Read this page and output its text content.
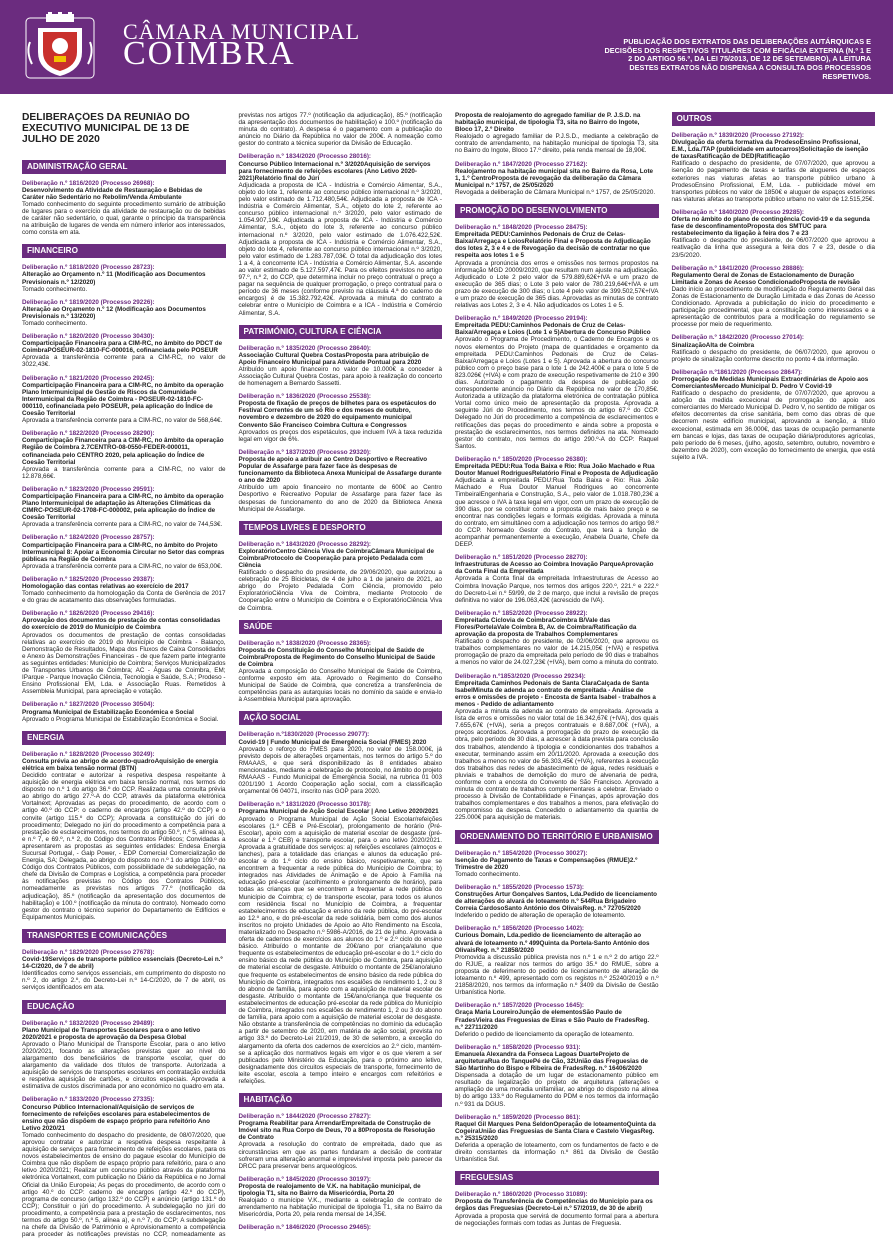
CÂMARA MUNICIPAL
COIMBRA	PUBLICAÇÃO DOS EXTRATOS DAS DELIBERAÇÕES AUTÁRQUICAS E DECISÕES DOS RESPETIVOS TITULARES COM EFICÁCIA EXTERNA (N.º 1 E 2 DO ARTIGO 56.º, DA LEI 75/2013, DE 12 DE SETEMBRO), A LEITURA DESTES EXTRATOS NÃO DISPENSA A CONSULTA DOS PROCESSOS RESPETIVOS.
DELIBERAÇÕES DA REUNIÃO DO EXECUTIVO MUNICIPAL DE 13 DE JULHO DE 2020
ADMINISTRAÇÃO GERAL
Deliberação n.º 1816/2020 (Processo 26968):
Desenvolvimento da Atividade de Restauração e Bebidas de Caráter não Sedentário no Rebolim/Venda Ambulante
Tomado conhecimento do seguinte procedimento sumário de atribuição de lugares para o exercício da atividade de restauração ou de bebidas de caráter não sedentário, o qual, garante o princípio da transparência na atribuição de lugares de venda em número inferior aos interessados, como consta em ata.
FINANCEIRO
Deliberação n.º 1818/2020 (Processo 28723):
Alteração ao Orçamento n.º 11 (Modificação aos Documentos Previsionais n.º 12/2020)
Tomado conhecimento.
Deliberação n.º 1819/2020 (Processo 29226):
Alteração ao Orçamento n.º 12 (Modificação aos Documentos Previsionais n.º 13/2020)
Tomado conhecimento.
Deliberação n.º 1820/2020 (Processo 30430):
Comparticipação Financeira para a CIM-RC, no âmbito do PDCT de CoimbraPOSEUR-02-1810-FC-000016, cofinanciada pelo POSEUR
Aprovada a transferência corrente para a CIM-RC, no valor de 3022,43€.
Deliberação n.º 1821/2020 (Processo 29245):
Comparticipação Financeira para a CIM-RC, no âmbito da operação Plano Intermunicipal de Gestão de Riscos da Comunidade Intermunicipal da Região de Coimbra - POSEUR-02-1810-FC-000110, cofinanciada pelo POSEUR, pela aplicação do Índice de Coesão Territorial
Aprovada a transferência corrente para a CIM-RC, no valor de 568,64€.
Deliberação n.º 1822/2020 (Processo 28290):
Comparticipação Financeira para a CIM-RC, no âmbito da operação Região de Coimbra 2.7CENTRO-08-0550-FEDER-000011, cofinanciada pelo CENTRO 2020, pela aplicação do Índice de Coesão Territorial
Aprovada a transferência corrente para a CIM-RC, no valor de 12.878,66€.
Deliberação n.º 1823/2020 (Processo 29591):
Comparticipação Financeira para a CIM-RC, no âmbito da operação Plano Intermunicipal de adaptação às Alterações Climáticas da CIMRC-POSEUR-02-1708-FC-000002, pela aplicação do Índice de Coesão Territorial
Aprovada a transferência corrente para a CIM-RC, no valor de 744,53€.
Deliberação n.º 1824/2020 (Processo 28757):
Comparticipação Financeira para a CIM-RC, no âmbito do Projeto Intermunicipal 8: Apoiar a Economia Circular no Setor das compras públicas na Região de Coimbra
Aprovada a transferência corrente para a CIM-RC, no valor de 653,00€.
Deliberação n.º 1825/2020 (Processo 29387):
Homologação das contas relativas ao exercício de 2017
Tomado conhecimento da homologação da Conta de Gerência de 2017 e do grau de acatamento das observações formuladas.
Deliberação n.º 1826/2020 (Processo 29416):
Aprovação dos documentos de prestação de contas consolidadas do exercício de 2019 do Município de Coimbra
Aprovados os documentos de prestação de contas consolidadas relativas ao exercício de 2019 do Município de Coimbra - Balanço, Demonstração de Resultados, Mapa dos Fluxos de Caixa Consolidados e Anexo às Demonstrações Financeiras - de que fazem parte integrante as seguintes entidades: Município de Coimbra; Serviços Municipalizados de Transportes Urbanos de Coimbra; AC - Águas de Coimbra, EM; IParque - Parque Inovação Ciência, Tecnologia e Saúde, S.A.; Prodeso - Ensino Profissional EM, Lda. e Associação Ruas. Remetidos à Assembleia Municipal, para apreciação e votação.
Deliberação n.º 1827/2020 (Processo 30504):
Programa Municipal de Estabilização Económica e Social
Aprovado o Programa Municipal de Estabilização Económica e Social.
ENERGIA
Deliberação n.º 1828/2020 (Processo 30249):
Consulta prévia ao abrigo de acordo-quadroAquisição de energia elétrica em baixa tensão normal (BTN)
Decidido contratar e autorizar a respetiva despesa respeitante à aquisição de energia elétrica em baixa tensão normal, nos termos do disposto no n.º 1 do artigo 36.º do CCP. Realizada uma consulta prévia ao abrigo do artigo 27.º-A do CCP, através da plataforma eletrónica Vortalnext; Aprovadas as peças do procedimento, de acordo com o artigo 40.º do CCP: o caderno de encargos (artigo 42.º do CCP) e o convite (artigo 115.º do CCP); Aprovada a constituição do júri do procedimento; Delegado no júri do procedimento a competência para a prestação de esclarecimentos, nos termos do artigo 50.º, n.º 5, alínea a), e n.º 7, e 69.º, n.º 2, do Código dos Contratos Públicos; Convidadas a apresentarem as propostas as seguintes entidades: Endesa Energia Sucursal Portugal, - Galp Power, - EDP Comercial Comercialização de Energia, SA; Delegada, ao abrigo do disposto no n.º 1 do artigo 109.º do Código dos Contratos Públicos, com possibilidade de subdelegação, na chefe da Divisão de Compras e Logística, a competência para proceder às notificações previstas no Código dos Contratos Públicos, nomeadamente as previstas nos artigos 77.º (notificação da adjudicação), 85.º (notificação da apresentação dos documentos de habilitação) e 100.º (notificação da minuta do contrato). Nomeado como gestor do contrato o técnico superior do Departamento de Edifícios e Equipamentos Municipais.
TRANSPORTES E COMUNICAÇÕES
Deliberação n.º 1829/2020 (Processo 27678):
Covid-19Serviços de transporte público essenciais (Decreto-Lei n.º 14-C/2020, de 7 de abril)
Identificados como serviços essenciais, em cumprimento do disposto no n.º 2, do artigo 2.º, do Decreto-Lei n.º 14-C/2020, de 7 de abril, os serviços identificados em ata.
EDUCAÇÃO
Deliberação n.º 1832/2020 (Processo 29489):
Plano Municipal de Transportes Escolares para o ano letivo 2020/2021 e proposta de aprovação da Despesa Global
Aprovado o Plano Municipal de Transporte Escolar, para o ano letivo 2020/2021, focando as alterações previstas quer ao nível do alargamento dos beneficiários de transporte escolar, quer do alargamento da validade dos títulos de transporte. Autorizada a aquisição de serviços de transportes escolares em contratação excluída e respetiva aquisição de cartões, e circuitos especiais. Aprovada a estimativa de custos discriminada por ano económico no quadro em ata.
Deliberação n.º 1833/2020 (Processo 27335):
Concurso Público Internacional/Aquisição de serviços de fornecimento de refeições escolares para estabelecimentos de ensino que não dispõem de espaço próprio para refeitório Ano Letivo 2020/21
Tomado conhecimento do despacho do presidente, de 08/07/2020, que aprovou contratar e autorizar a respetiva despesa respeitante à aquisição de serviços para fornecimento de refeições escolares, para os novos estabelecimentos de ensino do pagaue escolar do Município de Coimbra que não dispõem de espaço próprio para refeitório, para o ano letivo 2020/2021; Realizar um concurso público através da plataforma eletrónica Vortalnext, com publicação no Diário da República e no Jornal Oficial da União Europeia; As peças do procedimento, de acordo com o artigo 40.º do CCP: caderno de encargos (artigo 42.º do CCP), programa de concurso (artigo 132.º do CCP) e anúncio (artigo 131.º do CCP); Constituir o júri do procedimento. A subdelegação no júri do procedimento, a competência para a prestação de esclarecimentos, nos termos do artigo 50.º, n.º 5, alínea a), e n.º 7, do CCP; A subdelegação na chefe da Divisão de Património e Aprovisionamento a competência para proceder às notificações previstas no CCP, nomeadamente as previstas nos artigos 77.º (notificação da adjudicação), 85.º (notificação da apresentação dos documentos de habilitação) e 100.º (notificação da minuta do contrato). A despesa é o pagamento com a publicação do anúncio no Diário da República no valor de 200€. A nomeação como gestor do contrato a técnica superior da Divisão de Educação.
Deliberação n.º 1834/2020 (Processo 28016):
Concurso Público Internacional n.º 3/2020Aquisição de serviços para fornecimento de refeições escolares (Ano Letivo 2020-2021)Relatório final do Júri
Adjudicada a proposta de ICA - Indústria e Comércio Alimentar, S.A., objeto do lote 1, referente ao concurso público internacional n.º 3/2020, pelo valor estimado de 1.712.480,54€. Adjudicada a proposta de ICA - Indústria e Comércio Alimentar, S.A., objeto do lote 2, referente ao concurso público internacional n.º 3/2020, pelo valor estimado de 1.054.907,19€. Adjudicada a proposta de ICA - Indústria e Comércio Alimentar, S.A., objeto do lote 3, referente ao concurso público internacional n.º 3/2020, pelo valor estimado de 1.076.422,52€. Adjudicada a proposta de ICA - Indústria e Comércio Alimentar, S.A., objeto do lote 4, referente ao concurso público internacional n.º 3/2020, pelo valor estimado de 1.283.787,03€. O total da adjudicação dos lotes 1 a 4, à concorrente ICA - Indústria e Comércio Alimentar, S.A. ascende ao valor estimado de 5.127.597,47€. Para os efeitos previstos no artigo 97.º, n.º 2, do CCP, que determina incluir no preço contratual o preço a pagar na sequência de qualquer prorrogação, o preço contratual para o período de 36 meses (conforme previsto na cláusula 4.ª do caderno de encargos) é de 15.382.792,42€. Aprovada a minuta do contrato a celebrar entre o Município de Coimbra e a ICA - Indústria e Comércio Alimentar, S.A.
PATRIMÓNIO, CULTURA E CIÊNCIA
Deliberação n.º 1835/2020 (Processo 28640):
Associação Cultural Quebra CostasProposta para atribuição de Apoio Financeiro Municipal para Atividade Pontual para 2020
Atribuído um apoio financeiro no valor de 10.000€ a conceder à Associação Cultural Quebra Costas, para apoio à realização do concerto de homenagem a Bernardo Sassetti.
Deliberação n.º 1836/2020 (Processo 25538):
Proposta de fixação de preços de bilhetes para os espetáculos do Festival Correntes de um só Rio e dos meses de outubro, novembro e dezembro de 2020 do equipamento municipal Convento São Francisco Coimbra Cultura e Congressos
Aprovados os preços dos espetáculos, que incluem IVA à taxa reduzida legal em vigor de 6%.
Deliberação n.º 1837/2020 (Processo 29320):
Proposta de apoio a atribuir ao Centro Desportivo e Recreativo Popular de Assafarge para fazer face às despesas de funcionamento da Biblioteca Anexa Municipal de Assafarge durante o ano de 2020
Atribuído um apoio financeiro no montante de 600€ ao Centro Desportivo e Recreativo Popular de Assafarge para fazer face às despesas de funcionamento do ano de 2020 da Biblioteca Anexa Municipal de Assafarge.
TEMPOS LIVRES E DESPORTO
Deliberação n.º 1843/2020 (Processo 28292):
ExploratórioCentro Ciência Viva de CoimbraCâmara Municipal de CoimbraProtocolo de Cooperação para projeto Pedalada com Ciência
Ratificado o despacho do presidente, de 29/06/2020, que autorizou a celebração de 25 Bicicletas, de 4 de julho a 1 de janeiro de 2021, ao abrigo do Projeto Pedalada Com Ciência, promovido pelo ExploratórioCiência Viva de Coimbra, mediante Protocolo de Cooperação entre o Município de Coimbra e o ExploratórioCiência Viva de Coimbra.
SAÚDE
Deliberação n.º 1838/2020 (Processo 28365):
Proposta de Constituição do Conselho Municipal de Saúde de CoimbraProposta de Regimento do Conselho Municipal de Saúde de Coimbra
Aprovada a composição do Conselho Municipal de Saúde de Coimbra, conforme exposto em ata. Aprovado o Regimento do Conselho Municipal de Saúde de Coimbra, que concretiza a transferência de competências para as autarquias locais no domínio da saúde e envia-lo à Assembleia Municipal para aprovação.
AÇÃO SOCIAL
Deliberação n.º1830/2020 (Processo 29077):
Covid-19 | Fundo Municipal de Emergência Social (FMES) 2020
Aprovado o reforço do FMES para 2020, no valor de 158.000€, já previsto depois de alterações orçamentais, nos termos do artigo 5.º do RMAAAS, e que será disponibilizado às 8 entidades abaixo mencionadas, mediante a celebração de protocolo, no âmbito do projeto RMAAAS - Fundo Municipal de Emergência Social, na rubrica 01 003 0201/190 1 Acordo Cooperação ação social, com a classificação orçamental 06 04071, inscrito nas GOP para 2020.
Deliberação n.º 1831/2020 (Processo 30178):
Programa Municipal de Ação Social Escolar | Ano Letivo 2020/2021
Aprovado o Programa Municipal de Ação Social Escolar/refeições escolares (1.º CEB e Pré-Escolar), prolongamento de horário (Pré-Escolar), apoio com a aquisição de material escolar de desgaste (pré-escolar e 1.º CEB) e transporte escolar, para o ano letivo 2020/2021. Aprovada a gratuitidade dos serviços: a) refeições escolares (almoços e lanches), para a totalidade das crianças e alunos da educação pré-escolar e do 1.º ciclo do ensino básico, respetivamente, que se encontrem a frequentar a rede pública do Município de Coimbra; b) integrados nas Atividades de Animação e de Apoio à Família na educação pré-escolar (acolhimento e prolongamento de horário), para todas as crianças que se encontrem a frequentar a rede pública do Município de Coimbra; c) de transporte escolar, para todos os alunos com residência fiscal no Município de Coimbra, a frequentar estabelecimentos de educação e ensino da rede pública, do pré-escolar ao 12.º ano, e do pré-escolar da rede solidária, bem como dos alunos inscritos no projeto Unidades de Apoio ao Alto Rendimento na Escola, materializado no Despacho n.º 5986-A/2016, de 21 de julho. Aprovada a oferta de cadernos de exercícios aos alunos do 1.º e 2.º ciclo do ensino básico. Atribuído o montante de 20€/ano por criança/aluno que frequente os estabelecimentos de educação pré-escolar e do 1.º ciclo do ensino básico da rede pública do Município de Coimbra, para aquisição de material escolar de desgaste. Atribuído o montante de 25€/ano/aluno que frequente os estabelecimentos de ensino básico da rede pública do Município de Coimbra, integrados nos escalões de rendimento 1, 2 ou 3 do abono de família, para apoio com a aquisição de material escolar de desgaste. Atribuído o montante de 15€/ano/criança que frequente os estabelecimentos de educação pré-escolar da rede pública do Município de Coimbra, integrados nos escalões de rendimento 1, 2 ou 3 do abono de família, para apoio com a aquisição de material escolar de desgaste. Não obstante a transferência de competências no domínio da educação a partir de setembro de 2020, em matéria de ação social, prevista no artigo 33.º do Decreto-Lei 21/2019, de 30 de setembro, a exceção do alargamento da oferta dos cadernos de exercícios ao 2.º ciclo, mantém-se a aplicação dos normativos legais em vigor e os que vierem a ser publicados pelo Ministério da Educação, para o próximo ano letivo, designadamente dos circuitos especiais de transporte, fornecimento de leite escolar, escola a tempo inteiro e encargos com refeitórios e refeições.
HABITAÇÃO
Deliberação n.º 1844/2020 (Processo 27827):
Programa Reabilitar para ArrendarEmpreitada de Construção de Imóvel sito na Rua Corpo de Deus, 70 a 80Proposta de Resolução de Contrato
Aprovada a resolução do contrato de empreitada, dado que as circunstâncias em que as partes fundaram a decisão de contratar sofreram uma alteração anormal e imprevisível imposta pelo parecer da DRCC para preservar bens arqueológicos.
Deliberação n.º 1845/2020 (Processo 30197):
Proposta de realojamento de V.K. na habitação municipal, de tipologia T1, sita no Bairro da Misericórdia, Porta 20
Realojado o munícipe V.K., mediante a celebração de contrato de arrendamento na habitação municipal de tipologia T1, sita no Bairro da Misericórdia, Porta 20, pela renda mensal de 14,35€.
Deliberação n.º 1846/2020 (Processo 29465):
Proposta de realojamento do agregado familiar de P. J.S.D. na habitação municipal, de tipologia T3, sita no Bairro do Ingote, Bloco 17, 2.º Direito
Realojado o agregado familiar de P.J.S.D., mediante a celebração de contrato de arrendamento, na habitação municipal de tipologia T3, sita no Bairro do Ingote, Bloco 17.º direito, pela renda mensal de 18,90€.
Deliberação n.º 1847/2020 (Processo 27162):
Realojamento na habitação municipal sita no Bairro da Rosa, Lote 1, 1.º CentroProposta de revogação da deliberação da Câmara Municipal n.º 1757, de 25/05/2020
Revogada a deliberação de Câmara Municipal n.º 1757, de 25/05/2020.
PROMOÇÃO DO DESENVOLVIMENTO
Deliberação n.º 1848/2020 (Processo 28475):
Empreitada PEDU:Caminhos Pedonais de Cruz de Celas-Baixa/Arregaça e LoiosRelatório Final e Proposta de Adjudicação dos lotes 2, 3 e 4 e de Revogação da decisão de contratar no que respeita aos lotes 1 e 5
Aprovada a pronúncia dos erros e omissões nos termos propostos na informação MGD 20009/2020, que resultam num ajuste na adjudicação. Adjudicado o Lote 2 pelo valor de 579.889,62€+IVA e um prazo de execução de 365 dias; o Lote 3 pelo valor de 780.219,64€+IVA e um prazo de execução de 300 dias; o Lote 4 pelo valor de 399.502,57€+IVA e um prazo de execução de 365 dias. Aprovadas as minutas de contrato relativas aos Lotes 2, 3 e 4. Não adjudicados os Lotes 1 e 5.
Deliberação n.º 1849/2020 (Processo 29194):
Empreitada PEDU:Caminhos Pedonais de Cruz de Celas-Baixa/Arregaça e Loios (Lote 1 e 5)Abertura de Concurso Público
Aprovado o Programa de Procedimento, o Caderno de Encargos e os novos elementos do Projeto (mapa de quantidades e orçamento da empreitada PEDU:Caminhos Pedonais de Cruz de Celas-Baixa/Arregaça e Loios (Lotes 1 e 5). Aprovada a abertura do concurso público com o preço base para o lote 1 de 242.400€ e para o lote 5 de 823.026€ (+IVA) e com prazo de execução respetivamente de 210 e 390 dias. Autorizado o pagamento da despesa de publicação do correspondente anúncio no Diário da República no valor de 170,85€. Autorizada a utilização da plataforma eletrónica de contratação pública Vortal como único meio de apresentação da proposta. Aprovada a seguinte Júri do Procedimento, nos termos do artigo 67.º do CCP. Delegado no Júri do procedimento a competência de esclarecimentos e retificações das peças do procedimento e ainda sobre a proposta e prestação de esclarecimentos, nos termos definidos na ata. Nomeado gestor do contrato, nos termos do artigo 290.º-A do CCP: Raquel Santos.
Deliberação n.º 1850/2020 (Processo 26380):
Empreitada PEDU:Rua Toda Baixa e Rio: Rua João Machado e Rua Doutor Manuel RodriguesRelatório Final e Proposta de Adjudicação
Adjudicada a empreitada PEDU:Rua Toda Baixa e Rio: Rua João Machado e Rua Doutor Manuel Rodrigues ao concorrente TimbeiralEngenharia e Construção, S.A., pelo valor de 1.018.780,23€ a que acresce o IVA à taxa legal em vigor, com um prazo de execução de 390 dias, por se constituir como a proposta de mais baixo preço e se encontrar nas condições legais e formais exigidas. Aprovada a minuta do contrato, em simultâneo com a adjudicação nos termos do artigo 98.º do CCP. Nomeado Gestor do Contrato, que terá a função de acompanhar permanentemente a execução, Anabela Duarte, Chefe da DEEP.
Deliberação n.º 1851/2020 (Processo 28270):
Infraestruturas de Acesso ao Coimbra Inovação ParqueAprovação da Conta Final da Empreitada
Aprovada a Conta final da empreitada Infraestruturas de Acesso ao Coimbra Inovação Parque, nos termos dos artigos 220.º, 221.º e 222.º do Decreto-Lei n.º 59/99, de 2 de março, que inclui a revisão de preços definitiva no valor de 196.063,42€ (acrescido de IVA).
Deliberação n.º 1852/2020 (Processo 28922):
Empreitada Ciclovia de CoimbraCoimbra B/Vale das Flores/PortelaVale Coimbra B, Av. de Coimbra/Ratificação da aprovação da proposta de Trabalhos Complementares
Ratificado o despacho do presidente, de 02/06/2020, que aprovou os trabalhos complementares no valor de 14.215,05€ (+IVA) e respetiva prorrogação de prazo da empreitada pelo período de 90 dias e trabalhos a menos no valor de 24.027,23€ (+IVA), bem como a minuta do contrato.
Deliberação n.º1853/2020 (Processo 29234):
Empreitada Caminhos Pedonais de Santa ClaraCalçada de Santa IsabelMinuta de adenda ao contrato de empreitada - Análise de erros e omissões de projeto - Encosta de Santa Isabel - trabalhos a menos - Pedido de adiantamento
Aprovada a minuta da adenda ao contrato de empreitada. Aprovada a lista de erros e omissões no valor total de 16.342,67€ (+IVA), dos quais 7.655,67€ (+IVA), seria a preços contratuais e 8.687,00€ (+IVA), a preços acordados. Aprovada a prorrogação do prazo de execução da obra, pelo período de 30 dias, a acrescer à data prevista para conclusão dos trabalhos, atendendo à tipologia e condicionantes dos trabalhos a executar, terminando assim em 20/11/2020. Aprovada a execução dos trabalhos a menos no valor de 56.303,45€ (+IVA), referentes à execução dos trabalhos das redes de abastecimento de água, redes residuais e pluviais e trabalhos de demolição do muro de alvenaria de pedra, conforme com a encosta do Convento de São Francisco. Aprovado a minuta do contrato de trabalhos complementares a celebrar. Enviado o processo à Divisão de Contabilidade e Finanças, após aprovação dos trabalhos complementares e dos trabalhos a menos, para efetivação do compromisso da despesa. Concedido o adiantamento da quantia de 225.000€ para aquisição de materiais.
ORDENAMENTO DO TERRITÓRIO E URBANISMO
Deliberação n.º 1854/2020 (Processo 30027):
Isenção do Pagamento de Taxas e Compensações (RMUE)2.º Trimestre de 2020
Tomado conhecimento.
Deliberação n.º 1855/2020 (Processo 1573):
Construções Artur Gonçalves Santos, Lda.Pedido de licenciamento de alterações do alvará de loteamento n.º 544Rua Brigadeiro Correia CardosoSanto António dos OlivaisReg. n.º 72705/2020
Indeferido o pedido de alteração de operação de loteamento.
Deliberação n.º 1856/2020 (Processo 1402):
Curious Domain, Lda.pedido de licenciamento de alteração ao alvará de loteamento n.º 499Quinta da Portela-Santo António dos OlivaisReg. n.º 21858/2020
Promovida a discussão pública prevista nos n.º 1 e n.º 2 do artigo 22.º do RJUE, a realizar nos termos do artigo 35.º do RMUE, sobre a proposta de deferimento do pedido de licenciamento de alteração de loteamento n.º 499, apresentado com os registos n.º 25240/2019 e n.º 21858/2020, nos termos da informação n.º 3409 da Divisão de Gestão Urbanística Norte.
Deliberação n.º 1857/2020 (Processo 1645):
Graça Maria LoureiroJunção de elementosSão Paulo de FradesVieira das Freguesias de Eiras e São Paulo de FradesReg. n.º 22711/2020
Deferido o pedido de licenciamento da operação de loteamento.
Deliberação n.º 1858/2020 (Processo 931):
Emanuela Alexandra da Fonseca Lagoas DuarteProjeto de arquiteturaRua do TanquePé de Cão, 32União das Freguesias de São Martinho do Bispo e Ribeira de FradesReg. n.º 16406/2020
Dispensada a dotação de um lugar de estacionamento público em resultado da legalização do projeto de arquitetura (alterações e ampliação de uma moradia unifamiliar, ao abrigo do disposto na alínea b) do artigo 133.º do Regulamento do PDM e nos termos da informação n.º 931 da DGUS.
Deliberação n.º 1859/2020 (Processo 861):
Raquel Gil Marques Pena SeldonOperação de loteamentoQuinta da CogeiraUnião das Freguesias de Santa Clara e Castelo ViegasReg. n.º 25315/2020
Deferida a operação de loteamento, com os fundamentos de facto e de direito constantes da informação n.º 861 da Divisão de Gestão Urbanística Sul.
FREGUESIAS
Deliberação n.º 1860/2020 (Processo 31089):
Proposta de Transferência de Competências do Município para os órgãos das Freguesias (Decreto-Lei n.º 57/2019, de 30 de abril)
Aprovada a proposta que servirá de documento formal para a abertura de negociações formais com todas as Juntas de Freguesia.
OUTROS
Deliberação n.º 1839/2020 (Processo 27192):
Divulgação da oferta formativa da ProdesoEnsino Profissional, E.M., Lda./TAP (publicidade em autocarros)Solicitação de isenção de taxasRatificação de DED|Ratificação
Ratificado o despacho do presidente, de 07/07/2020, que aprovou a isenção do pagamento de taxas e tarifas de alugueres de espaços exteriores nas viaturas afetas ao transporte público urbano à ProdesoEnsino Profissional, E.M, Lda. - publicidade móvel em transportes públicos no valor de 1850€ e aluguer de espaços exteriores nas viaturas afetas ao transporte público urbano no valor de 12.515,25€.
Deliberação n.º 1840/2020 (Processo 29285):
Oferta no âmbito do plano de contingência Covid-19 e da segunda fase de desconfinamentoProposta dos SMTUC para restabelecimento da ligação à feira dos 7 e 23
Ratificado o despacho do presidente, de 06/07/2020 que aprovou a reativação da linha que assegura a feira dos 7 e 23, desde o dia 23/5/2020.
Deliberação n.º 1841/2020 (Processo 28886):
Regulamento Geral de Zonas de Estacionamento de Duração Limitada e Zonas de Acesso CondicionadoProposta de revisão
Dado início ao procedimento de modificação do Regulamento Geral das Zonas de Estacionamento de Duração Limitada e das Zonas de Acesso Condicionado. Aprovada a publicitação do início do procedimento e participação procedimental, que a constituição como interessados e a apresentação de contributos para a modificação do regulamento se processe por meio de requerimento.
Deliberação n.º 1842/2020 (Processo 27014):
SinalizaçãoAlta de Coimbra
Ratificado o despacho do presidente, de 06/07/2020, que aprovou o projeto de sinalização conforme descrito no ponto 4 da informação.
Deliberação n.º1861/2020 (Processo 28647):
Prorrogação de Medidas Municipais Extraordinárias de Apoio aos ComerciantesMercado Municipal D. Pedro V Covid-19
Ratificado o despacho do presidente, de 07/07/2020, que aprovou a adoção da medida excecional de prorrogação do apoio aos comerciantes do Mercado Municipal D. Pedro V, no sentido de mitigar os efeitos decorrentes da crise sanitária, bem como das obras de que decorrem neste edifício municipal, aprovando a isenção, a título excecional, estimada em 36.000€, das taxas de ocupação permanente em bancas e lojas, das taxas de ocupação diária/produtores agrícolas, pelo período de 6 meses, (julho, agosto, setembro, outubro, novembro e dezembro de 2020), com exceção do fornecimento de energia, que está sujeito a IVA.
